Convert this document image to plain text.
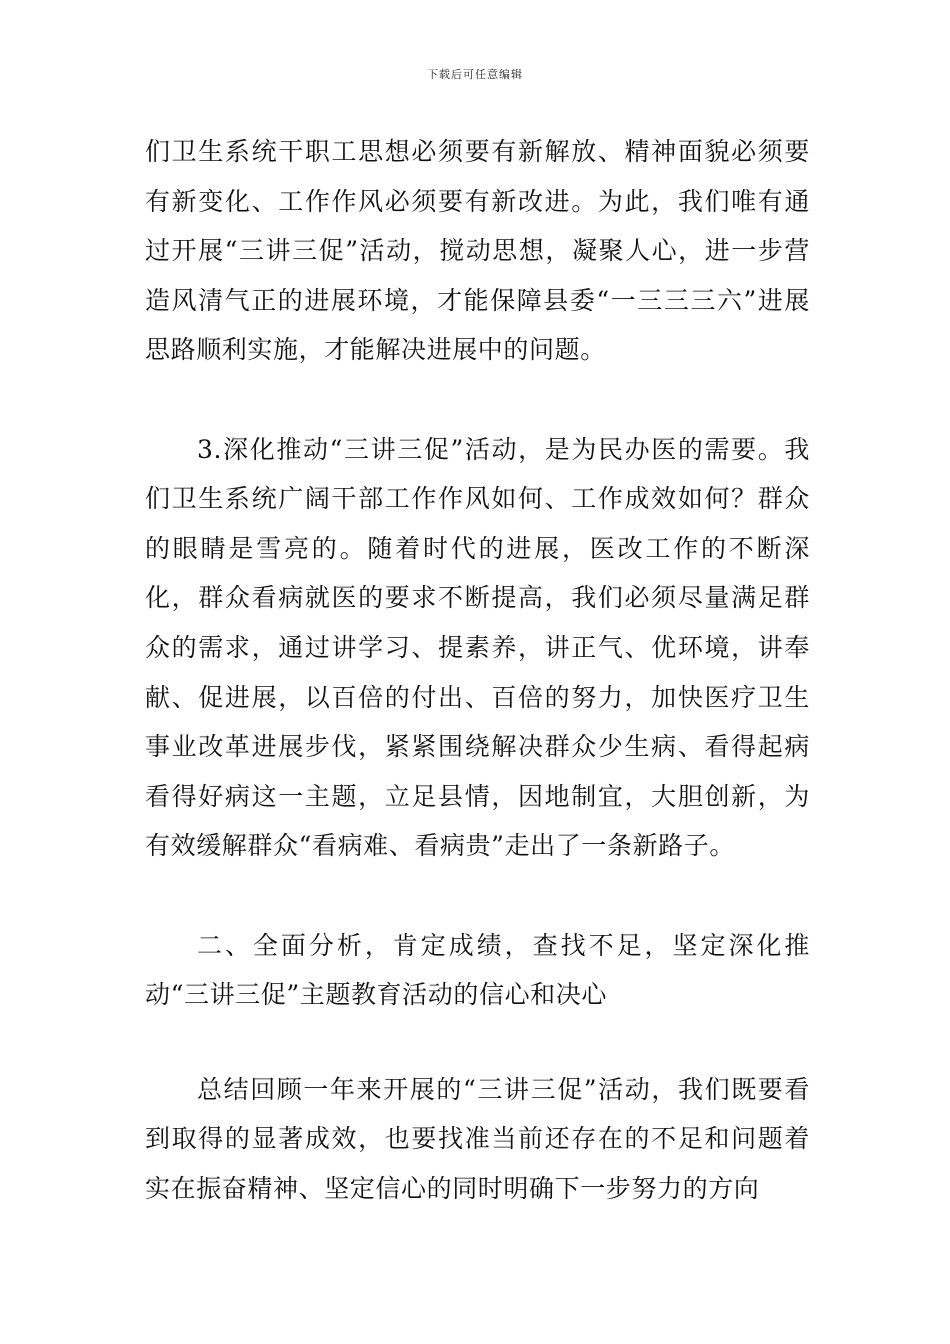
下载后可任意编辑

们卫生系统干职工思想必须要有新解放、精神面貌必须要有新变化、工作作风必须要有新改进。为此，我们唯有通过开展“三讲三促”活动，搅动思想，凝聚人心，进一步营造风清气正的进展环境，才能保障县委“一三三三六”进展思路顺利实施，才能解决进展中的问题。

3.深化推动“三讲三促”活动，是为民办医的需要。我们卫生系统广阔干部工作作风如何、工作成效如何？群众的眼睛是雪亮的。随着时代的进展，医改工作的不断深化，群众看病就医的要求不断提高，我们必须尽量满足群众的需求，通过讲学习、提素养，讲正气、优环境，讲奉献、促进展，以百倍的付出、百倍的努力，加快医疗卫生事业改革进展步伐，紧紧围绕解决群众少生病、看得起病看得好病这一主题，立足县情，因地制宜，大胆创新，为有效缓解群众“看病难、看病贵”走出了一条新路子。

二、全面分析，肯定成绩，查找不足，坚定深化推动“三讲三促”主题教育活动的信心和决心

总结回顾一年来开展的“三讲三促”活动，我们既要看到取得的显著成效，也要找准当前还存在的不足和问题着实在振奋精神、坚定信心的同时明确下一步努力的方向
